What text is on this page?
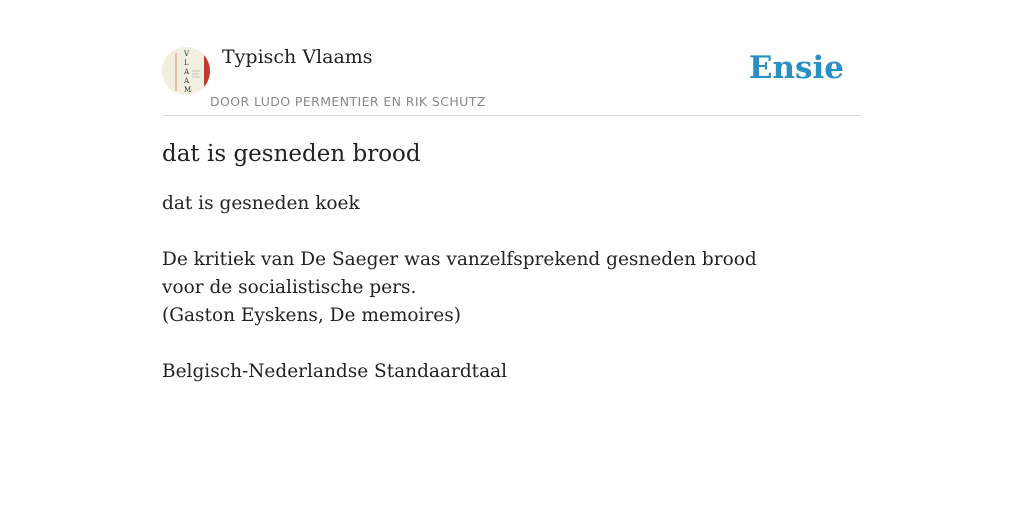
V
L
A
A
M
Typisch Vlaams
DOOR LUDO PERMENTIER EN RIK SCHUTZ
Ensie
dat is gesneden brood

dat is gesneden koek

De kritiek van De Saeger was vanzelfsprekend gesneden brood voor de socialistische pers.

(Gaston Eyskens, De memoires)

Belgisch-Nederlandse Standaardtaal
